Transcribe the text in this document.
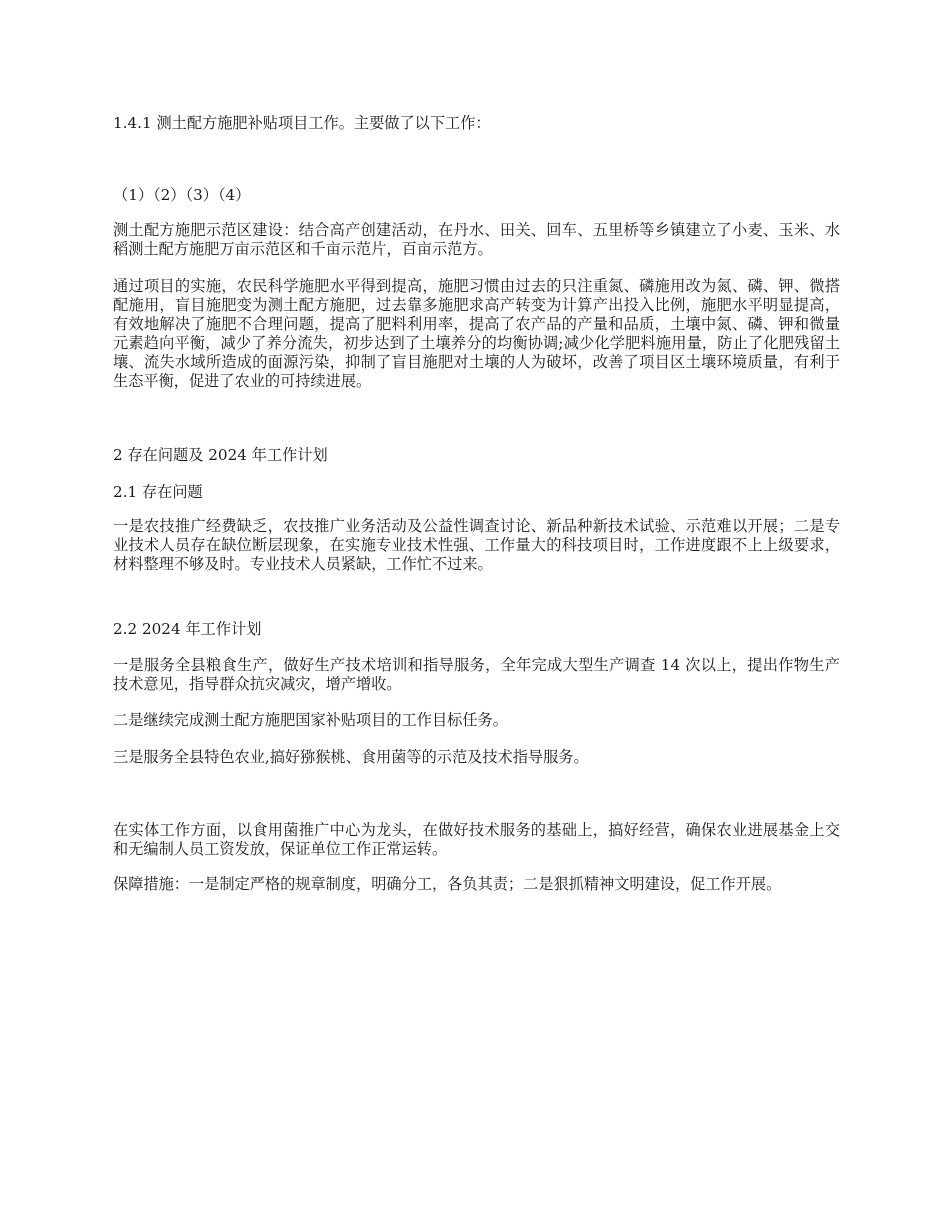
1.4.1 测土配方施肥补贴项目工作。主要做了以下工作：

（1）（2）（3）（4）

测土配方施肥示范区建设：结合高产创建活动，在丹水、田关、回车、五里桥等乡镇建立了小麦、玉米、水稻测土配方施肥万亩示范区和千亩示范片，百亩示范方。

通过项目的实施，农民科学施肥水平得到提高，施肥习惯由过去的只注重氮、磷施用改为氮、磷、钾、微搭配施用，盲目施肥变为测土配方施肥，过去靠多施肥求高产转变为计算产出投入比例，施肥水平明显提高，有效地解决了施肥不合理问题，提高了肥料利用率，提高了农产品的产量和品质，土壤中氮、磷、钾和微量元素趋向平衡，减少了养分流失，初步达到了土壤养分的均衡协调;减少化学肥料施用量，防止了化肥残留土壤、流失水域所造成的面源污染，抑制了盲目施肥对土壤的人为破坏，改善了项目区土壤环境质量，有利于生态平衡，促进了农业的可持续进展。

2 存在问题及 2024 年工作计划

2.1 存在问题

一是农技推广经费缺乏，农技推广业务活动及公益性调查讨论、新品种新技术试验、示范难以开展；二是专业技术人员存在缺位断层现象，在实施专业技术性强、工作量大的科技项目时，工作进度跟不上上级要求，材料整理不够及时。专业技术人员紧缺，工作忙不过来。

2.2 2024 年工作计划

一是服务全县粮食生产，做好生产技术培训和指导服务，全年完成大型生产调查 14 次以上，提出作物生产技术意见，指导群众抗灾减灾，增产增收。

二是继续完成测土配方施肥国家补贴项目的工作目标任务。

三是服务全县特色农业,搞好猕猴桃、食用菌等的示范及技术指导服务。

在实体工作方面，以食用菌推广中心为龙头，在做好技术服务的基础上，搞好经营，确保农业进展基金上交和无编制人员工资发放，保证单位工作正常运转。

保障措施：一是制定严格的规章制度，明确分工，各负其责；二是狠抓精神文明建设，促工作开展。
